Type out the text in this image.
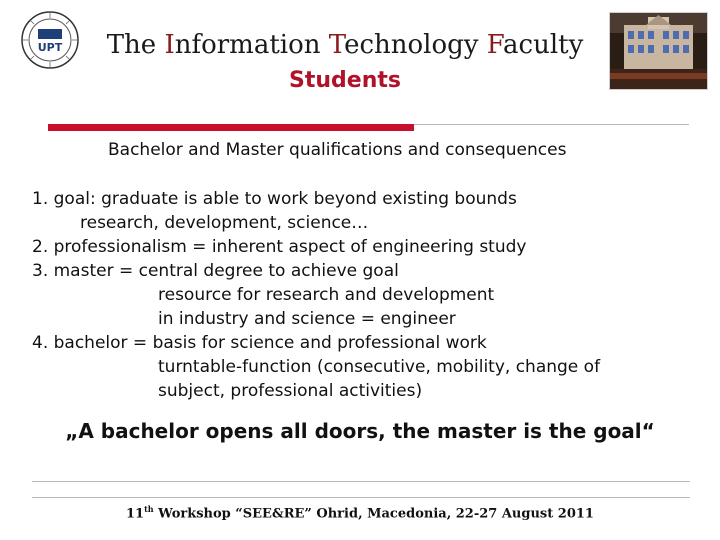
UPT	The Information Technology Faculty
Students
Bachelor and Master qualifications and consequences
1. goal: graduate is able to work beyond existing bounds
research, development, science…
2. professionalism = inherent aspect of engineering study
3. master = central degree to achieve goal
resource for research and development
in industry and science = engineer
4. bachelor = basis for science and professional work
turntable-function (consecutive, mobility, change of
subject, professional activities)
„A bachelor opens all doors, the master is the goal“
11th Workshop “SEE&RE” Ohrid, Macedonia, 22-27 August 2011
